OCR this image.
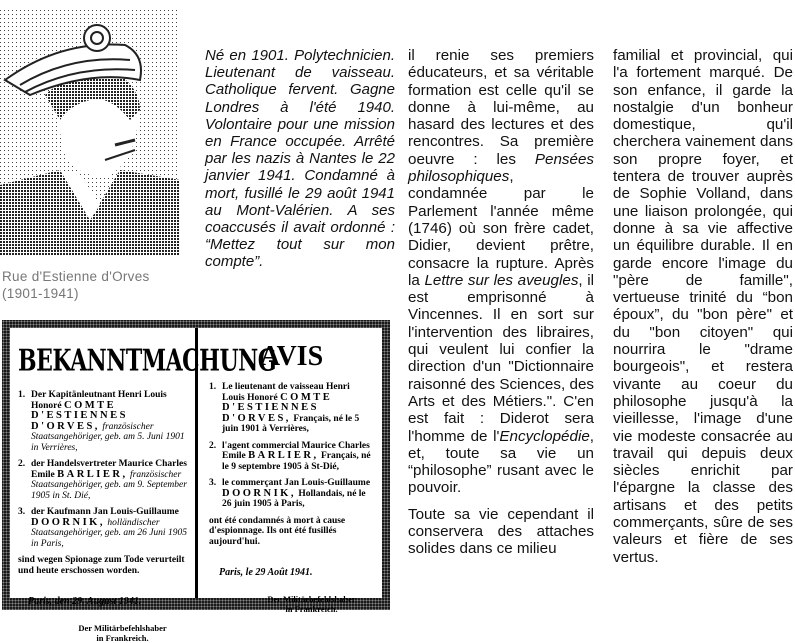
Rue d'Estienne d'Orves
(1901-1941)
Né en 1901. Polytechnicien. Lieutenant de vaisseau. Catholique fervent. Gagne Londres à l'été 1940. Volontaire pour une mission en France occupée. Arrêté par les nazis à Nantes le 22 janvier 1941. Condamné à mort, fusillé le 29 août 1941 au Mont-Valérien. A ses coaccusés il avait ordonné : “Mettez tout sur mon compte”.
BEKANNTMACHUNG
1. Der Kapitänleutnant Henri Louis Honoré COMTE D'ESTIENNES D'ORVES, französischer Staatsangehöriger, geb. am 5. Juni 1901 in Verrières,
2. der Handelsvertreter Maurice Charles Emile BARLIER, französischer Staatsangehöriger, geb. am 9. September 1905 in St. Dié,
3. der Kaufmann Jan Louis-Guillaume DOORNIK, holländischer Staatsangehöriger, geb. am 26 Juni 1905 in Paris,
sind wegen Spionage zum Tode verurteilt und heute erschossen worden.
Paris, den 29. August 1941.
Der Militärbefehlshaber
in Frankreich.
AVIS
1. Le lieutenant de vaisseau Henri Louis Honoré COMTE D'ESTIENNES D'ORVES, Français, né le 5 juin 1901 à Verrières,
2. l'agent commercial Maurice Charles Emile BARLIER, Français, né le 9 septembre 1905 à St-Dié,
3. le commerçant Jan Louis-Guillaume DOORNIK, Hollandais, né le 26 juin 1905 à Paris,
ont été condamnés à mort à cause d'espionnage. Ils ont été fusillés aujourd'hui.
Paris, le 29 Août 1941.
Der Militärbefehlshaber
in Frankreich.

il renie ses premiers éducateurs, et sa véritable formation est celle qu'il se donne à lui-même, au hasard des lectures et des rencontres. Sa première oeuvre : les Pensées philosophiques, condamnée par le Parlement l'année même (1746) où son frère cadet, Didier, devient prêtre, consacre la rupture. Après la Lettre sur les aveugles, il est emprisonné à Vincennes. Il en sort sur l'intervention des libraires, qui veulent lui confier la direction d'un "Dictionnaire raisonné des Sciences, des Arts et des Métiers.". C'en est fait : Diderot sera l'homme de l'Encyclopédie, et, toute sa vie un “philosophe” rusant avec le pouvoir.

Toute sa vie cependant il conservera des attaches solides dans ce milieu

familial et provincial, qui l'a fortement marqué. De son enfance, il garde la nostalgie d'un bonheur domestique, qu'il cherchera vainement dans son propre foyer, et tentera de trouver auprès de Sophie Volland, dans une liaison prolongée, qui donne à sa vie affective un équilibre durable. Il en garde encore l'image du "père de famille", vertueuse trinité du “bon époux”, du "bon père" et du "bon citoyen" qui nourrira le "drame bourgeois", et restera vivante au coeur du philosophe jusqu'à la vieillesse, l'image d'une vie modeste consacrée au travail qui depuis deux siècles enrichit par l'épargne la classe des artisans et des petits commerçants, sûre de ses valeurs et fière de ses vertus.
